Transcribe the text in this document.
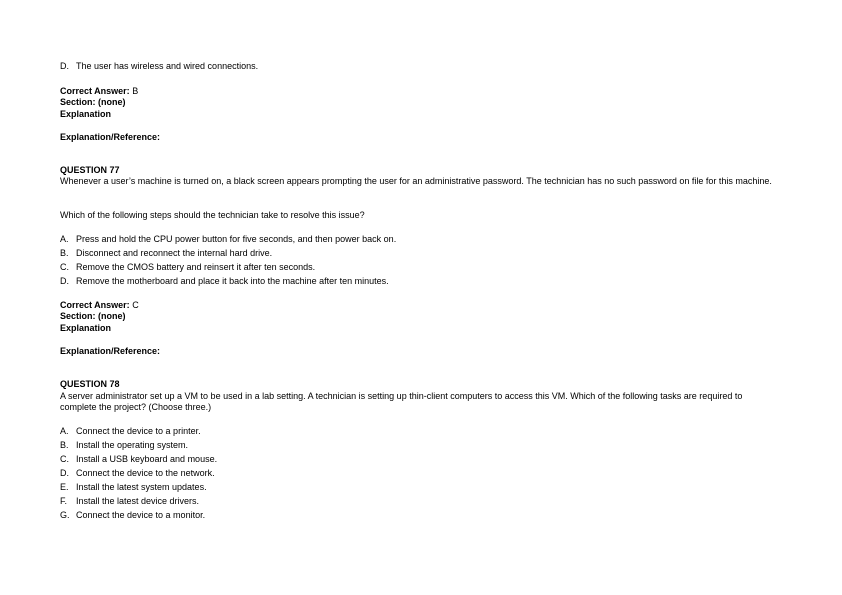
D. The user has wireless and wired connections.
Correct Answer: B
Section: (none)
Explanation
Explanation/Reference:
QUESTION 77
Whenever a user’s machine is turned on, a black screen appears prompting the user for an administrative password. The technician has no such password on file for this machine.
Which of the following steps should the technician take to resolve this issue?
A. Press and hold the CPU power button for five seconds, and then power back on.
B. Disconnect and reconnect the internal hard drive.
C. Remove the CMOS battery and reinsert it after ten seconds.
D. Remove the motherboard and place it back into the machine after ten minutes.
Correct Answer: C
Section: (none)
Explanation
Explanation/Reference:
QUESTION 78
A server administrator set up a VM to be used in a lab setting. A technician is setting up thin-client computers to access this VM. Which of the following tasks are required to complete the project? (Choose three.)
A. Connect the device to a printer.
B. Install the operating system.
C. Install a USB keyboard and mouse.
D. Connect the device to the network.
E. Install the latest system updates.
F. Install the latest device drivers.
G. Connect the device to a monitor.
